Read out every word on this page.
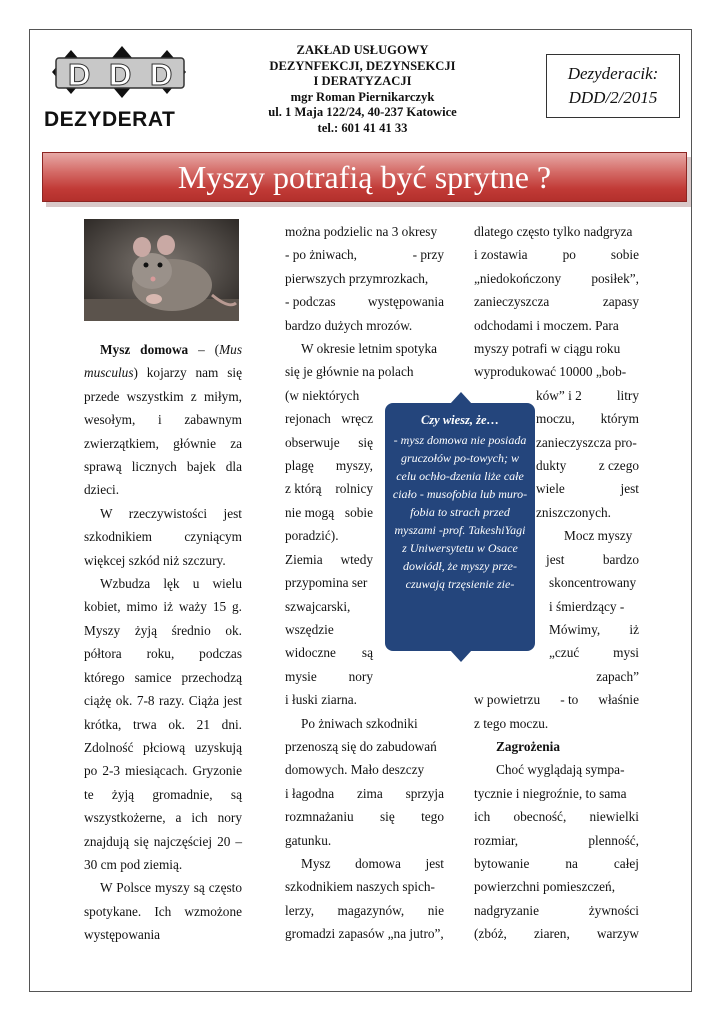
D D D
DEZYDERAT
ZAKŁAD USŁUGOWY
DEZYNFEKCJI, DEZYNSEKCJI
I DERATYZACJI
mgr Roman Piernikarczyk
ul. 1 Maja 122/24, 40-237 Katowice
tel.: 601 41 41 33
Dezyderacik:
DDD/2/2015
Myszy potrafią być sprytne ?

Mysz domowa – (Mus musculus) kojarzy nam się przede wszystkim z miłym, wesołym, i zabawnym zwierzątkiem, głównie za sprawą licznych bajek dla dzieci.

W rzeczywistości jest szkodnikiem czyniącym więkcej szkód niż szczury.

Wzbudza lęk u wielu kobiet, mimo iż waży 15 g. Myszy żyją średnio ok. półtora roku, podczas którego samice przechodzą ciążę ok. 7-8 razy. Ciąża jest krótka, trwa ok. 21 dni. Zdolność płciową uzyskują po 2-3 miesiącach. Gryzonie te żyją gromadnie, są wszystkożerne, a ich nory znajdują się najczęściej 20 – 30 cm pod ziemią.

W Polsce myszy są często spotykane. Ich wzmożone występowania

można podzielic na 3 okresy
- po żniwach,	- przy
pierwszych przymrozkach,
- podczas występowania
bardzo dużych mrozów.
W okresie letnim spotyka
się je głównie na polach
(w niektórych
rejonach wręcz
obserwuje się
plagę myszy,
z którą rolnicy
nie mogą sobie
poradzić).
Ziemia wtedy
przypomina ser
szwajcarski,
wszędzie
widoczne są
mysie nory
i łuski ziarna.
Po żniwach szkodniki
przenoszą się do zabudowań
domowych. Mało deszczy
i łagodna zima sprzyja
rozmnażaniu się tego
gatunku.
Mysz domowa jest
szkodnikiem naszych spich-
lerzy, magazynów, nie
gromadzi zapasów „na jutro”,
Czy wiesz, że…
- mysz domowa nie posiada gruczołów po-towych; w celu ochło-dzenia liże całe ciało - musofobia lub muro-fobia to strach przed myszami -prof. TakeshiYagi z Uniwersytetu w Osace dowiódł, że myszy prze-czuwają trzęsienie zie-
dlatego często tylko nadgryza
i zostawia	po	sobie
„niedokończony posiłek”,
zanieczyszcza	zapasy
odchodami i moczem. Para
myszy potrafi w ciągu roku
wyprodukować 10000 „bob-
ków” i 2	litry
moczu, którym
zanieczyszcza pro-
dukty z czego
wiele	jest
zniszczonych.
Mocz myszy
jest	bardzo
skoncentrowany
i śmierdzący -
Mówimy, iż
„czuć	mysi
zapach”
w powietrzu - to właśnie
z tego moczu.
Zagrożenia
Choć wyglądają sympa-
tycznie i niegroźnie, to sama
ich obecność, niewielki
rozmiar,	plenność,
bytowanie	na	całej
powierzchni pomieszczeń,
nadgryzanie	żywności
(zbóż, ziaren, warzyw
